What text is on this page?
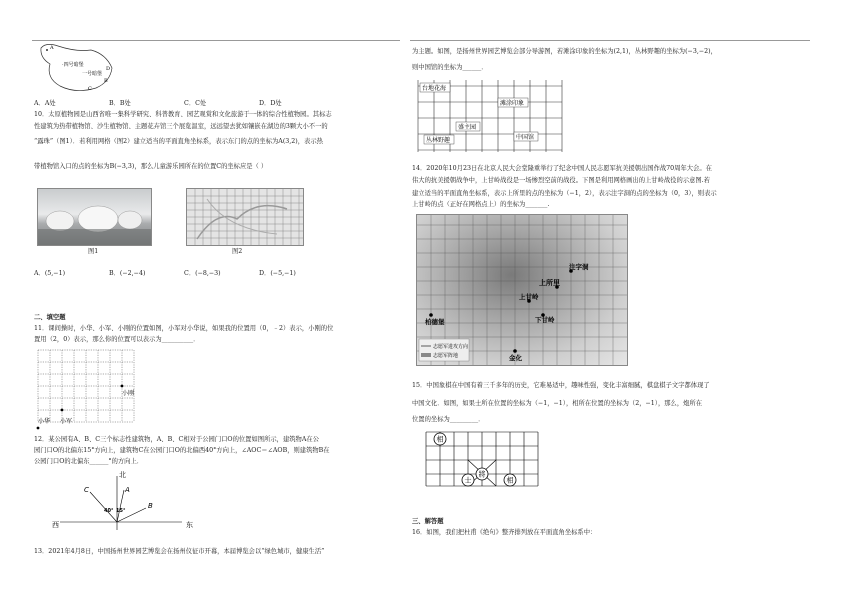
A
·四号暗堡
一号暗堡
D
B
C
A．A处	B．B处	C．C处	D．D处
10．太原植物园是山西省唯一集科学研究、科普教育、园艺观赏和文化旅游于一体的综合性植物园。其标志
性建筑为热带植物馆、沙生植物馆、主题花卉馆三个展览温室，远远望去犹如镶嵌在湖边的3颗大小不一的
“露珠”（图1）．若利用网格（图2）建立适当的平面直角坐标系，表示东门的点的坐标为A(3,2)，表示热
带植物馆入口的点的坐标为B(−3,3)，那么儿童游乐园所在的位置C的坐标应是（ ）
图1	图2
A．(5,−1)	B．(−2,−4)	C．(−8,−3)	D．(−5,−1)
二、填空题
11．课间操时，小华、小军、小刚的位置如图，小军对小华说，如果我的位置用（0，﹣2）表示，小刚的位
置用（2，0）表示，那么你的位置可以表示为__________．
小刚
小华 小军
12．某公园有A、B、C三个标志性建筑物，A、B、C相对于公园门口O的位置如图所示，建筑物A在公
园门口O的北偏东15°方向上，建筑物C在公园门口O的北偏西40°方向上，∠AOC＝∠AOB，则建筑物B在
公园门口O的北偏东______°的方向上．
北
西	东
C	A
B
40° 15°
13．2021年4月8日，中国扬州世界园艺博览会在扬州仪征市开幕，本届博览会以“绿色城市，健康生活”
为主题。如图，是扬州世界园艺博览会部分导游图，若滩涂印象的坐标为(2,1)，丛林野趣的坐标为(−3,−2)，
则中国馆的坐标为______．
台地花海
滩涂印象
盛主园
丛林野趣	中国馆
14．2020年10月23日在北京人民大会堂隆重举行了纪念中国人民志愿军抗美援朝出国作战70周年大会。在
伟大的抗美援朝战争中，上甘岭战役是一场惨烈空前的战役。下图是利用网格画出的上甘岭战役的示意图.若
建立适当的平面直角坐标系，表示上所里的点的坐标为（−1，2），表示注字洞的点的坐标为（0，3），则表示
上甘岭的点（正好在网格点上）的坐标为_______.
注字洞
上所里
上甘岭
下甘岭
柏德堡
金化
志愿军进攻方向
志愿军阵地
15．中国象棋在中国有着三千多年的历史，它难易适中，趣味性强，变化丰富细腻，棋盘棋子文字都体现了
中国文化．如图，如果士所在位置的坐标为（−1，−1），相所在位置的坐标为（2，−1），那么，炮所在
位置的坐标为_________．
相
將
士	相
三、解答题
16．如图，我们把杜甫《绝句》整齐排列放在平面直角坐标系中：
